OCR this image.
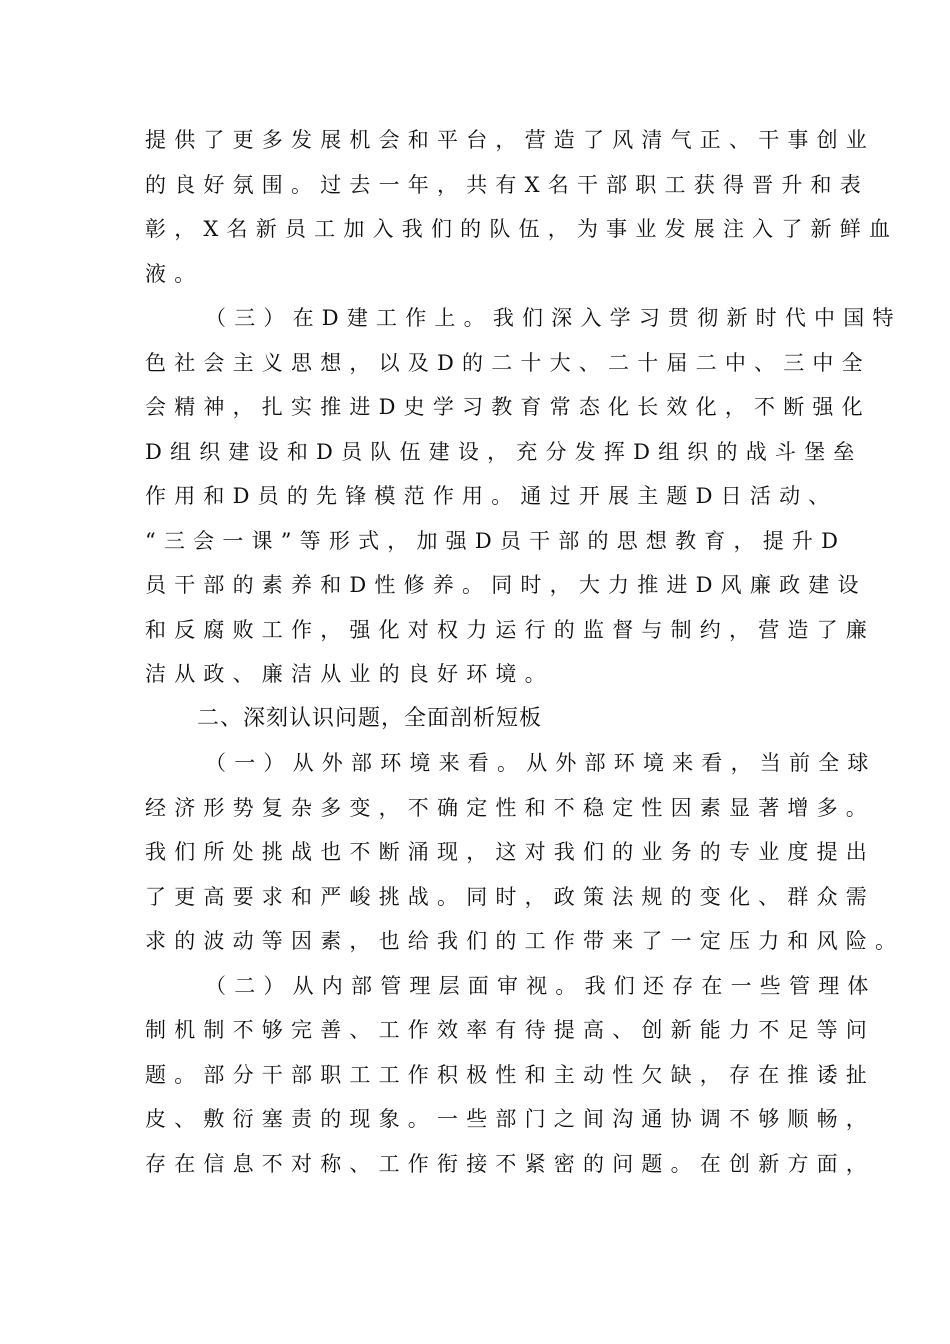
提供了更多发展机会和平台，营造了风清气正、干事创业
的良好氛围。过去一年，共有X名干部职工获得晋升和表
彰，X名新员工加入我们的队伍，为事业发展注入了新鲜血
液。
（三）在D建工作上。我们深入学习贯彻新时代中国特
色社会主义思想，以及D的二十大、二十届二中、三中全
会精神，扎实推进D史学习教育常态化长效化，不断强化
D组织建设和D员队伍建设，充分发挥D组织的战斗堡垒
作用和D员的先锋模范作用。通过开展主题D日活动、
“三会一课”等形式，加强D员干部的思想教育，提升D
员干部的素养和D性修养。同时，大力推进D风廉政建设
和反腐败工作，强化对权力运行的监督与制约，营造了廉
洁从政、廉洁从业的良好环境。
二、深刻认识问题，全面剖析短板
（一）从外部环境来看。从外部环境来看，当前全球
经济形势复杂多变，不确定性和不稳定性因素显著增多。
我们所处挑战也不断涌现，这对我们的业务的专业度提出
了更高要求和严峻挑战。同时，政策法规的变化、群众需
求的波动等因素，也给我们的工作带来了一定压力和风险。
（二）从内部管理层面审视。我们还存在一些管理体
制机制不够完善、工作效率有待提高、创新能力不足等问
题。部分干部职工工作积极性和主动性欠缺，存在推诿扯
皮、敷衍塞责的现象。一些部门之间沟通协调不够顺畅，
存在信息不对称、工作衔接不紧密的问题。在创新方面，
